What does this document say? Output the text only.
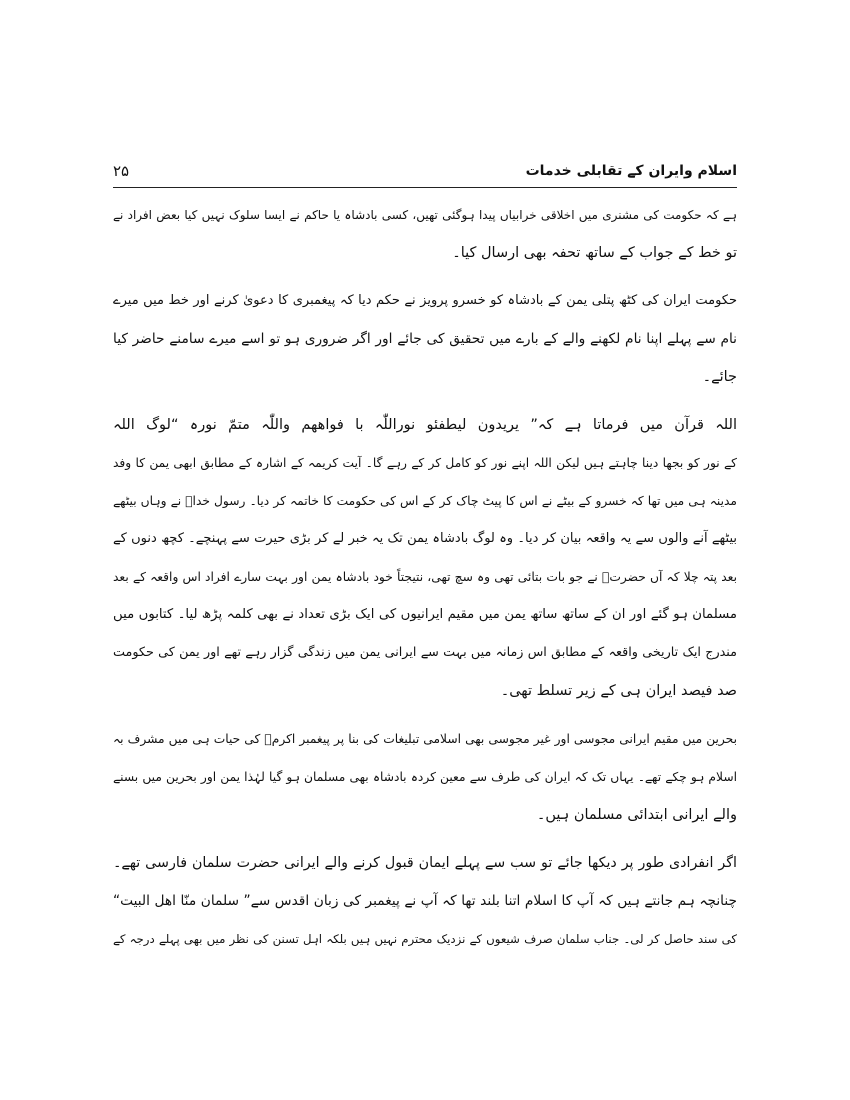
۲۵	اسلام وایران کے تقابلی خدمات
ہے کہ حکومت کی مشنری میں اخلاقی خرابیاں پیدا ہوگئی تھیں، کسی بادشاہ یا حاکم نے ایسا سلوک نہیں کیا بعض افراد نے
تو خط کے جواب کے ساتھ تحفہ بھی ارسال کیا۔
حکومت ایران کی کٹھ پتلی یمن کے بادشاہ کو خسرو پرویز نے حکم دیا کہ پیغمبری کا دعویٰ کرنے اور خط میں میرے
نام سے پہلے اپنا نام لکھنے والے کے بارے میں تحقیق کی جائے اور اگر ضروری ہو تو اسے میرے سامنے حاضر کیا
جائے۔
اللہ قرآن میں فرماتا ہے کہ” یریدون لیطفئو نوراللّٰہ با فواھھم واللّٰہ متمّ نورہ “لوگ اللہ
کے نور کو بجھا دینا چاہتے ہیں لیکن اللہ اپنے نور کو کامل کر کے رہے گا۔ آیت کریمہ کے اشارہ کے مطابق ابھی یمن کا وفد
مدینہ ہی میں تھا کہ خسرو کے بیٹے نے اس کا پیٹ چاک کر کے اس کی حکومت کا خاتمہ کر دیا۔ رسول خداؐ نے وہاں بیٹھے
بیٹھے آنے والوں سے یہ واقعہ بیان کر دیا۔ وہ لوگ بادشاہ یمن تک یہ خبر لے کر بڑی حیرت سے پہنچے۔ کچھ دنوں کے
بعد پتہ چلا کہ آں حضرتؐ نے جو بات بتائی تھی وہ سچ تھی، نتیجتاً خود بادشاہ یمن اور بہت سارے افراد اس واقعہ کے بعد
مسلمان ہو گئے اور ان کے ساتھ ساتھ یمن میں مقیم ایرانیوں کی ایک بڑی تعداد نے بھی کلمہ پڑھ لیا۔ کتابوں میں
مندرج ایک تاریخی واقعہ کے مطابق اس زمانہ میں بہت سے ایرانی یمن میں زندگی گزار رہے تھے اور یمن کی حکومت
صد فیصد ایران ہی کے زیر تسلط تھی۔
بحرین میں مقیم ایرانی مجوسی اور غیر مجوسی بھی اسلامی تبلیغات کی بنا پر پیغمبر اکرمؐ کی حیات ہی میں مشرف بہ
اسلام ہو چکے تھے۔ یہاں تک کہ ایران کی طرف سے معین کردہ بادشاہ بھی مسلمان ہو گیا لہٰذا یمن اور بحرین میں بسنے
والے ایرانی ابتدائی مسلمان ہیں۔
اگر انفرادی طور پر دیکھا جائے تو سب سے پہلے ایمان قبول کرنے والے ایرانی حضرت سلمان فارسی تھے۔
چنانچہ ہم جانتے ہیں کہ آپ کا اسلام اتنا بلند تھا کہ آپ نے پیغمبر کی زبان اقدس سے” سلمان منّا اھل البیت“
کی سند حاصل کر لی۔ جناب سلمان صرف شیعوں کے نزدیک محترم نہیں ہیں بلکہ اہل تسنن کی نظر میں بھی پہلے درجہ کے
